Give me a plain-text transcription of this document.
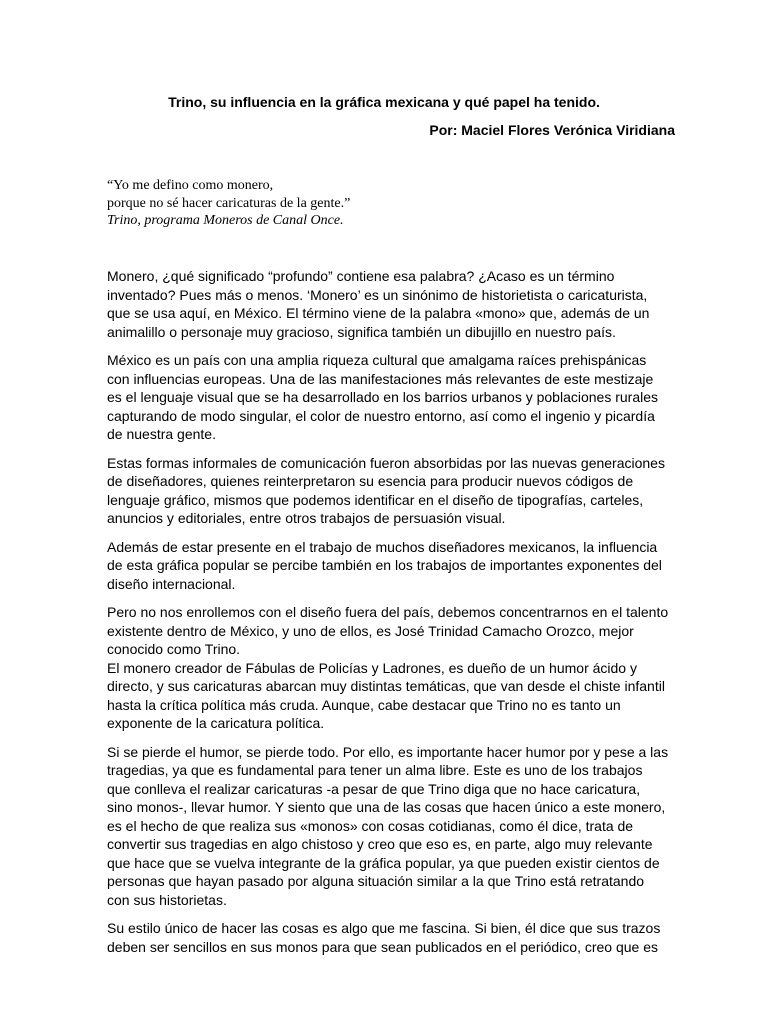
Trino, su influencia en la gráfica mexicana y qué papel ha tenido.
Por: Maciel Flores Verónica Viridiana
“Yo me defino como monero,
porque no sé hacer caricaturas de la gente.”
Trino, programa Moneros de Canal Once.

Monero, ¿qué significado “profundo” contiene esa palabra? ¿Acaso es un término
inventado? Pues más o menos. ‘Monero’ es un sinónimo de historietista o caricaturista,
que se usa aquí, en México. El término viene de la palabra «mono» que, además de un
animalillo o personaje muy gracioso, significa también un dibujillo en nuestro país.

México es un país con una amplia riqueza cultural que amalgama raíces prehispánicas
con influencias europeas. Una de las manifestaciones más relevantes de este mestizaje
es el lenguaje visual que se ha desarrollado en los barrios urbanos y poblaciones rurales
capturando de modo singular, el color de nuestro entorno, así como el ingenio y picardía
de nuestra gente.

Estas formas informales de comunicación fueron absorbidas por las nuevas generaciones
de diseñadores, quienes reinterpretaron su esencia para producir nuevos códigos de
lenguaje gráfico, mismos que podemos identificar en el diseño de tipografías, carteles,
anuncios y editoriales, entre otros trabajos de persuasión visual.

Además de estar presente en el trabajo de muchos diseñadores mexicanos, la influencia
de esta gráfica popular se percibe también en los trabajos de importantes exponentes del
diseño internacional.

Pero no nos enrollemos con el diseño fuera del país, debemos concentrarnos en el talento
existente dentro de México, y uno de ellos, es José Trinidad Camacho Orozco, mejor
conocido como Trino.
El monero creador de Fábulas de Policías y Ladrones, es dueño de un humor ácido y
directo, y sus caricaturas abarcan muy distintas temáticas, que van desde el chiste infantil
hasta la crítica política más cruda. Aunque, cabe destacar que Trino no es tanto un
exponente de la caricatura política.

Si se pierde el humor, se pierde todo. Por ello, es importante hacer humor por y pese a las
tragedias, ya que es fundamental para tener un alma libre. Este es uno de los trabajos
que conlleva el realizar caricaturas -a pesar de que Trino diga que no hace caricatura,
sino monos-, llevar humor. Y siento que una de las cosas que hacen único a este monero,
es el hecho de que realiza sus «monos» con cosas cotidianas, como él dice, trata de
convertir sus tragedias en algo chistoso y creo que eso es, en parte, algo muy relevante
que hace que se vuelva integrante de la gráfica popular, ya que pueden existir cientos de
personas que hayan pasado por alguna situación similar a la que Trino está retratando
con sus historietas.

Su estilo único de hacer las cosas es algo que me fascina. Si bien, él dice que sus trazos
deben ser sencillos en sus monos para que sean publicados en el periódico, creo que es
